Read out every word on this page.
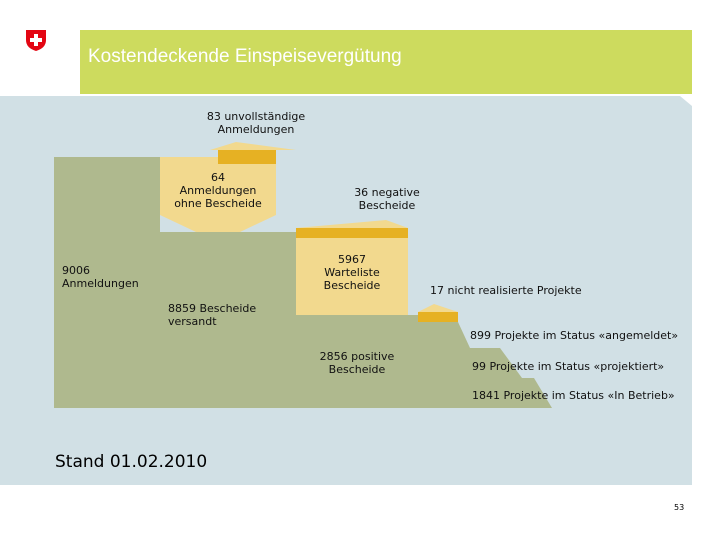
Kostendeckende Einspeisevergütung
83 unvollständige
Anmeldungen
64
Anmeldungen
ohne Bescheide
36 negative
Bescheide
9006
Anmeldungen
5967
Warteliste
Bescheide	17 nicht realisierte Projekte
8859 Bescheide
versandt
899 Projekte im Status «angemeldet»
2856 positive
Bescheide	99 Projekte im Status «projektiert»
1841 Projekte im Status «In Betrieb»
Stand 01.02.2010
53
